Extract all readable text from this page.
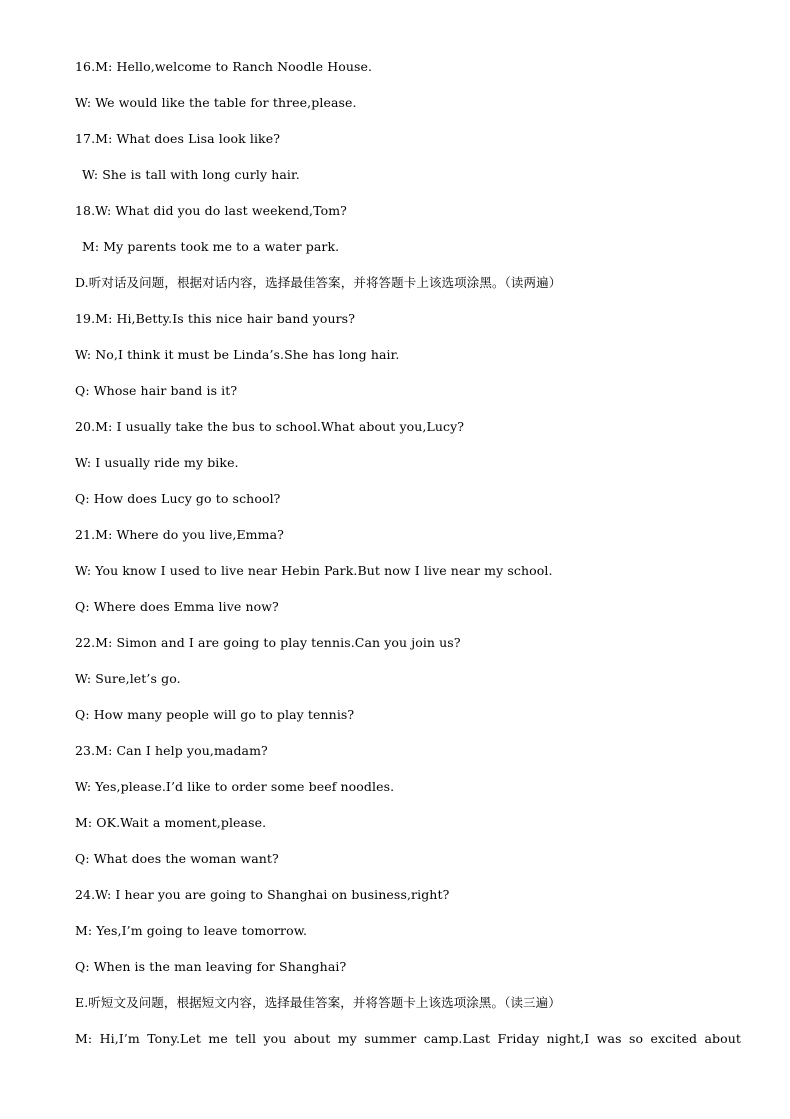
16.M: Hello,welcome to Ranch Noodle House.
W: We would like the table for three,please.
17.M: What does Lisa look like?
W: She is tall with long curly hair.
18.W: What did you do last weekend,Tom?
M: My parents took me to a water park.
D.听对话及问题，根据对话内容，选择最佳答案，并将答题卡上该选项涂黑。（读两遍）
19.M: Hi,Betty.Is this nice hair band yours?
W: No,I think it must be Linda’s.She has long hair.
Q: Whose hair band is it?
20.M: I usually take the bus to school.What about you,Lucy?
W: I usually ride my bike.
Q: How does Lucy go to school?
21.M: Where do you live,Emma?
W: You know I used to live near Hebin Park.But now I live near my school.
Q: Where does Emma live now?
22.M: Simon and I are going to play tennis.Can you join us?
W: Sure,let’s go.
Q: How many people will go to play tennis?
23.M: Can I help you,madam?
W: Yes,please.I’d like to order some beef noodles.
M: OK.Wait a moment,please.
Q: What does the woman want?
24.W: I hear you are going to Shanghai on business,right?
M: Yes,I’m going to leave tomorrow.
Q: When is the man leaving for Shanghai?
E.听短文及问题，根据短文内容，选择最佳答案，并将答题卡上该选项涂黑。（读三遍）
M: Hi,I’m Tony.Let me tell you about my summer camp.Last Friday night,I was so excited about
